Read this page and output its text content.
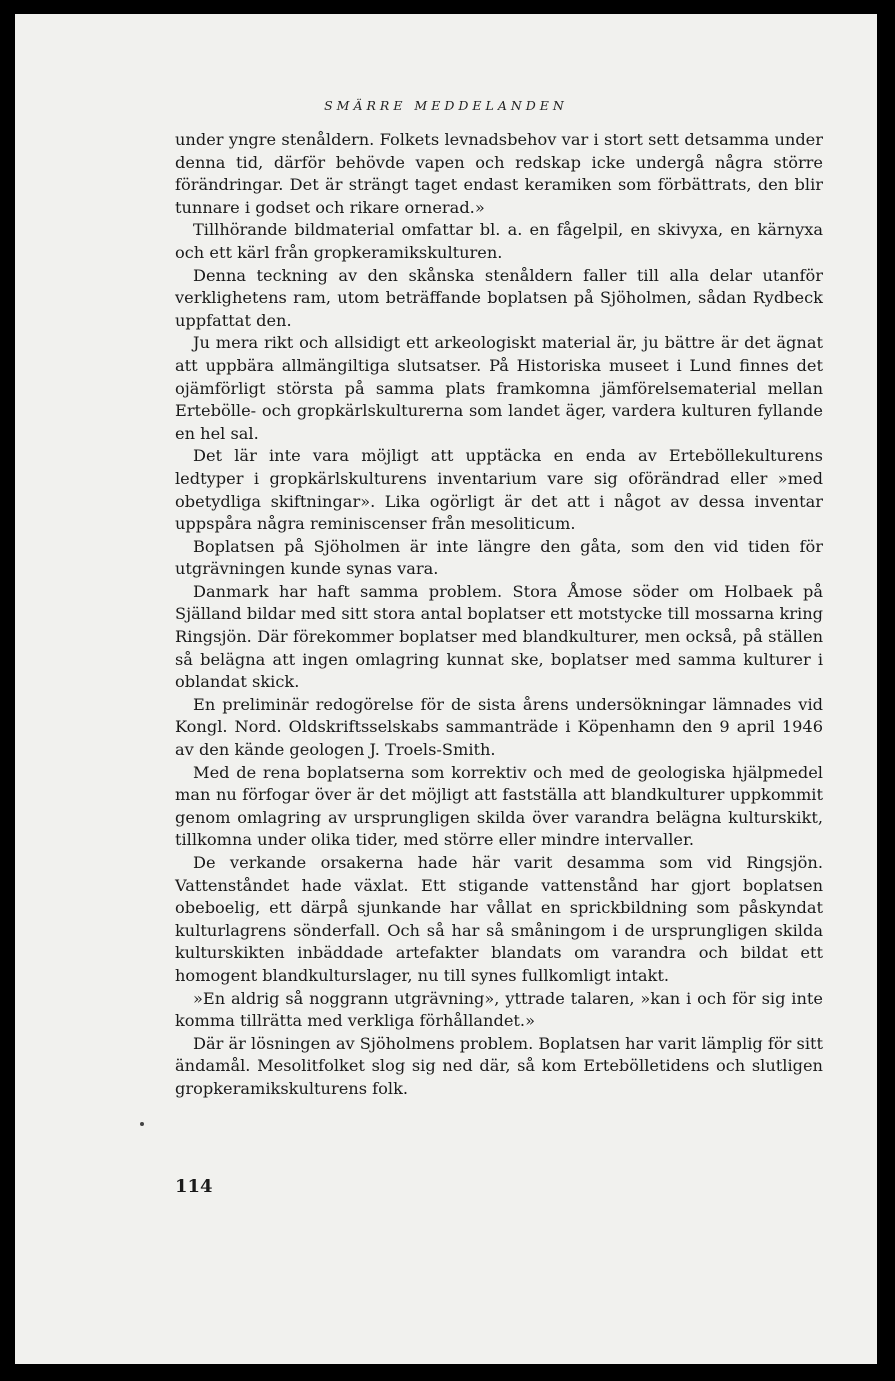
SMÄRRE MEDDELANDEN

under yngre stenåldern. Folkets levnadsbehov var i stort sett detsamma under denna tid, därför behövde vapen och redskap icke undergå några större förändringar. Det är strängt taget endast keramiken som förbättrats, den blir tunnare i godset och rikare ornerad.»

Tillhörande bildmaterial omfattar bl. a. en fågelpil, en skivyxa, en kärnyxa och ett kärl från gropkeramikskulturen.

Denna teckning av den skånska stenåldern faller till alla delar utanför verklighetens ram, utom beträffande boplatsen på Sjöholmen, sådan Rydbeck uppfattat den.

Ju mera rikt och allsidigt ett arkeologiskt material är, ju bättre är det ägnat att uppbära allmängiltiga slutsatser. På Historiska museet i Lund finnes det ojämförligt största på samma plats framkomna jämförelsematerial mellan Ertebölle- och gropkärlskulturerna som landet äger, vardera kulturen fyllande en hel sal.

Det lär inte vara möjligt att upptäcka en enda av Erteböllekulturens ledtyper i gropkärlskulturens inventarium vare sig oförändrad eller »med obetydliga skiftningar». Lika ogörligt är det att i något av dessa inventar uppspåra några reminiscenser från mesoliticum.

Boplatsen på Sjöholmen är inte längre den gåta, som den vid tiden för utgrävningen kunde synas vara.

Danmark har haft samma problem. Stora Åmose söder om Holbaek på Själland bildar med sitt stora antal boplatser ett motstycke till mossarna kring Ringsjön. Där förekommer boplatser med blandkulturer, men också, på ställen så belägna att ingen omlagring kunnat ske, boplatser med samma kulturer i oblandat skick.

En preliminär redogörelse för de sista årens undersökningar lämnades vid Kongl. Nord. Oldskriftsselskabs sammanträde i Köpenhamn den 9 april 1946 av den kände geologen J. Troels-Smith.

Med de rena boplatserna som korrektiv och med de geologiska hjälpmedel man nu förfogar över är det möjligt att fastställa att blandkulturer uppkommit genom omlagring av ursprungligen skilda över varandra belägna kulturskikt, tillkomna under olika tider, med större eller mindre intervaller.

De verkande orsakerna hade här varit desamma som vid Ringsjön. Vattenståndet hade växlat. Ett stigande vattenstånd har gjort boplatsen obeboelig, ett därpå sjunkande har vållat en sprickbildning som påskyndat kulturlagrens sönderfall. Och så har så småningom i de ursprungligen skilda kulturskikten inbäddade artefakter blandats om varandra och bildat ett homogent blandkulturslager, nu till synes fullkomligt intakt.

»En aldrig så noggrann utgrävning», yttrade talaren, »kan i och för sig inte komma tillrätta med verkliga förhållandet.»

Där är lösningen av Sjöholmens problem. Boplatsen har varit lämplig för sitt ändamål. Mesolitfolket slog sig ned där, så kom Ertebölletidens och slutligen gropkeramikskulturens folk.

114
